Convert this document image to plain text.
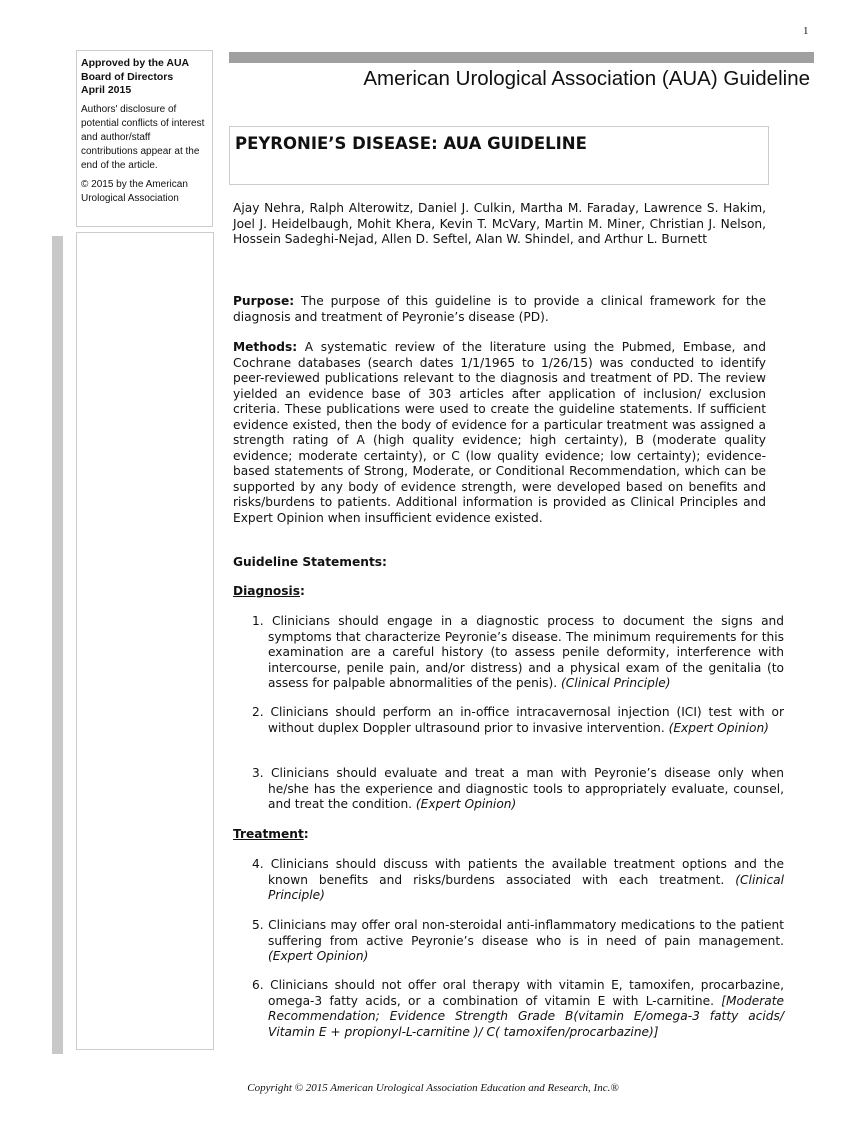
1

Approved by the AUA
Board of Directors
April 2015

Authors' disclosure of potential conflicts of interest and author/staff contributions appear at the end of the article.

© 2015 by the American Urological Association

American Urological Association (AUA) Guideline
PEYRONIE’S DISEASE: AUA GUIDELINE
Ajay Nehra, Ralph Alterowitz, Daniel J. Culkin, Martha M. Faraday, Lawrence S. Hakim, Joel J. Heidelbaugh, Mohit Khera, Kevin T. McVary, Martin M. Miner, Christian J. Nelson, Hossein Sadeghi-Nejad, Allen D. Seftel, Alan W. Shindel, and Arthur L. Burnett
Purpose: The purpose of this guideline is to provide a clinical framework for the diagnosis and treatment of Peyronie’s disease (PD).
Methods: A systematic review of the literature using the Pubmed, Embase, and Cochrane databases (search dates 1/1/1965 to 1/26/15) was conducted to identify peer-reviewed publications relevant to the diagnosis and treatment of PD. The review yielded an evidence base of 303 articles after application of inclusion/ exclusion criteria. These publications were used to create the guideline statements. If sufficient evidence existed, then the body of evidence for a particular treatment was assigned a strength rating of A (high quality evidence; high certainty), B (moderate quality evidence; moderate certainty), or C (low quality evidence; low certainty); evidence-based statements of Strong, Moderate, or Conditional Recommendation, which can be supported by any body of evidence strength, were developed based on benefits and risks/burdens to patients. Additional information is provided as Clinical Principles and Expert Opinion when insufficient evidence existed.
Guideline Statements:
Diagnosis:
1. Clinicians should engage in a diagnostic process to document the signs and symptoms that characterize Peyronie’s disease. The minimum requirements for this examination are a careful history (to assess penile deformity, interference with intercourse, penile pain, and/or distress) and a physical exam of the genitalia (to assess for palpable abnormalities of the penis). (Clinical Principle)
2. Clinicians should perform an in-office intracavernosal injection (ICI) test with or without duplex Doppler ultrasound prior to invasive intervention. (Expert Opinion)
3. Clinicians should evaluate and treat a man with Peyronie’s disease only when he/she has the experience and diagnostic tools to appropriately evaluate, counsel, and treat the condition. (Expert Opinion)
Treatment:
4. Clinicians should discuss with patients the available treatment options and the known benefits and risks/burdens associated with each treatment. (Clinical Principle)
5. Clinicians may offer oral non-steroidal anti-inflammatory medications to the patient suffering from active Peyronie’s disease who is in need of pain management. (Expert Opinion)
6. Clinicians should not offer oral therapy with vitamin E, tamoxifen, procarbazine, omega-3 fatty acids, or a combination of vitamin E with L-carnitine. [Moderate Recommendation; Evidence Strength Grade B(vitamin E/omega-3 fatty acids/ Vitamin E + propionyl-L-carnitine )/ C( tamoxifen/procarbazine)]
Copyright © 2015 American Urological Association Education and Research, Inc.®
